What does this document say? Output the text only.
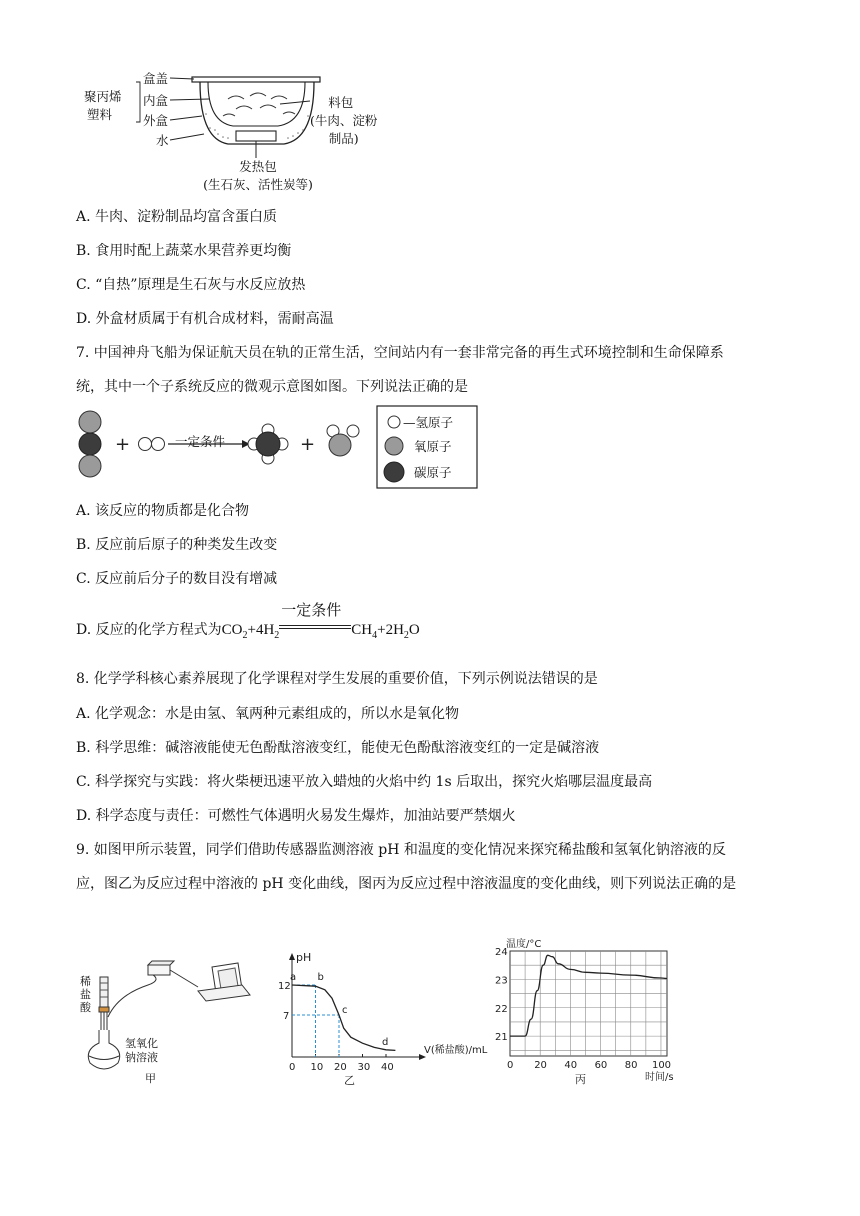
聚丙烯
塑料
盒盖
内盒
外盒
水
料包
(牛肉、淀粉
制品)
发热包
(生石灰、活性炭等)
A. 牛肉、淀粉制品均富含蛋白质
B. 食用时配上蔬菜水果营养更均衡
C. “自热”原理是生石灰与水反应放热
D. 外盒材质属于有机合成材料，需耐高温
7. 中国神舟飞船为保证航天员在轨的正常生活，空间站内有一套非常完备的再生式环境控制和生命保障系
统，其中一个子系统反应的微观示意图如图。下列说法正确的是
+	+
一定条件
—氢原子
氧原子
碳原子
A. 该反应的物质都是化合物
B. 反应前后原子的种类发生改变
C. 反应前后分子的数目没有增减
D. 反应的化学方程式为$CO_2+4H_2$
一定条件
$CH_4+2H_2O$
8. 化学学科核心素养展现了化学课程对学生发展的重要价值，下列示例说法错误的是
A. 化学观念：水是由氢、氧两种元素组成的，所以水是氧化物
B. 科学思维：碱溶液能使无色酚酞溶液变红，能使无色酚酞溶液变红的一定是碱溶液
C. 科学探究与实践：将火柴梗迅速平放入蜡烛的火焰中约 1s 后取出，探究火焰哪层温度最高
D. 科学态度与责任：可燃性气体遇明火易发生爆炸，加油站要严禁烟火
9. 如图甲所示装置，同学们借助传感器监测溶液 pH 和温度的变化情况来探究稀盐酸和氢氧化钠溶液的反
应，图乙为反应过程中溶液的 pH 变化曲线，图丙为反应过程中溶液温度的变化曲线，则下列说法正确的是
稀
盐
酸
氢氧化
钠溶液
甲
pH
V(稀盐酸)/mL
0 10 20 30 40
7
12
a b
c
d
乙
温度/°C
时间/s
0 20 40 60 80 100
21
22
23
24
丙
